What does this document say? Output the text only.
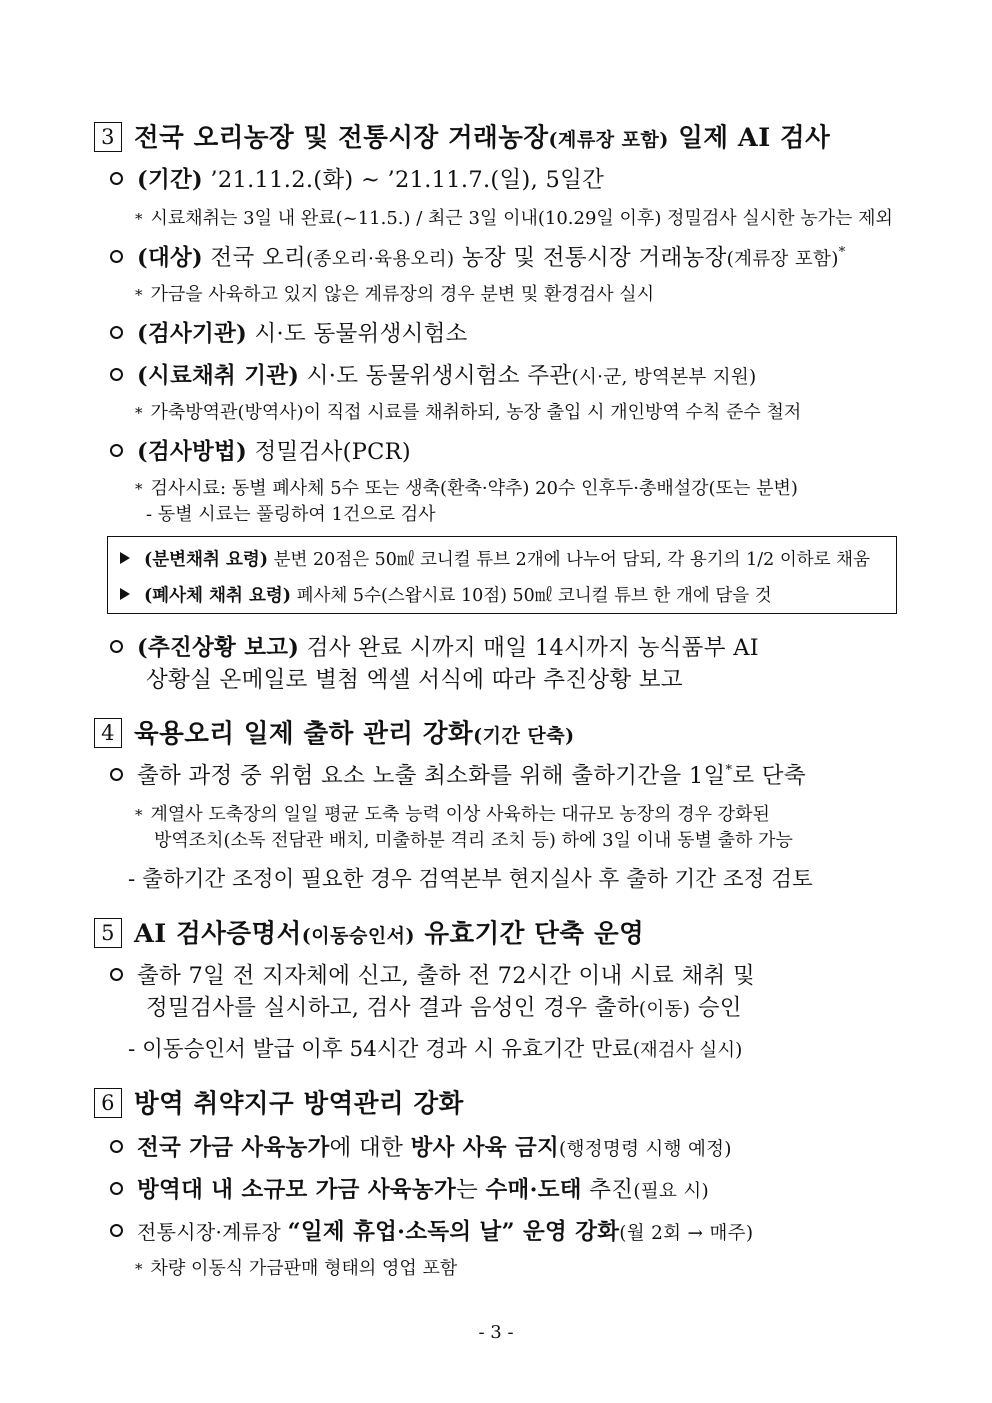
3 전국 오리농장 및 전통시장 거래농장(계류장 포함) 일제 AI 검사
(기간) ’21.11.2.(화) ~ ’21.11.7.(일), 5일간
* 시료채취는 3일 내 완료(~11.5.) / 최근 3일 이내(10.29일 이후) 정밀검사 실시한 농가는 제외
(대상) 전국 오리(종오리·육용오리) 농장 및 전통시장 거래농장(계류장 포함)*
* 가금을 사육하고 있지 않은 계류장의 경우 분변 및 환경검사 실시
(검사기관) 시·도 동물위생시험소
(시료채취 기관) 시·도 동물위생시험소 주관(시·군, 방역본부 지원)
* 가축방역관(방역사)이 직접 시료를 채취하되, 농장 출입 시 개인방역 수칙 준수 철저
(검사방법) 정밀검사(PCR)
* 검사시료: 동별 폐사체 5수 또는 생축(환축·약추) 20수 인후두·총배설강(또는 분변)
- 동별 시료는 풀링하여 1건으로 검사
(분변채취 요령) 분변 20점은 50㎖ 코니컬 튜브 2개에 나누어 담되, 각 용기의 1/2 이하로 채움
(폐사체 채취 요령) 폐사체 5수(스왑시료 10점) 50㎖ 코니컬 튜브 한 개에 담을 것
(추진상황 보고) 검사 완료 시까지 매일 14시까지 농식품부 AI
상황실 온메일로 별첨 엑셀 서식에 따라 추진상황 보고
4 육용오리 일제 출하 관리 강화(기간 단축)
출하 과정 중 위험 요소 노출 최소화를 위해 출하기간을 1일*로 단축
* 계열사 도축장의 일일 평균 도축 능력 이상 사육하는 대규모 농장의 경우 강화된
방역조치(소독 전담관 배치, 미출하분 격리 조치 등) 하에 3일 이내 동별 출하 가능
- 출하기간 조정이 필요한 경우 검역본부 현지실사 후 출하 기간 조정 검토
5 AI 검사증명서(이동승인서) 유효기간 단축 운영
출하 7일 전 지자체에 신고, 출하 전 72시간 이내 시료 채취 및
정밀검사를 실시하고, 검사 결과 음성인 경우 출하(이동) 승인
- 이동승인서 발급 이후 54시간 경과 시 유효기간 만료(재검사 실시)
6 방역 취약지구 방역관리 강화
전국 가금 사육농가에 대한 방사 사육 금지(행정명령 시행 예정)
방역대 내 소규모 가금 사육농가는 수매·도태 추진(필요 시)
전통시장·계류장 “일제 휴업·소독의 날” 운영 강화(월 2회 → 매주)
* 차량 이동식 가금판매 형태의 영업 포함
- 3 -
